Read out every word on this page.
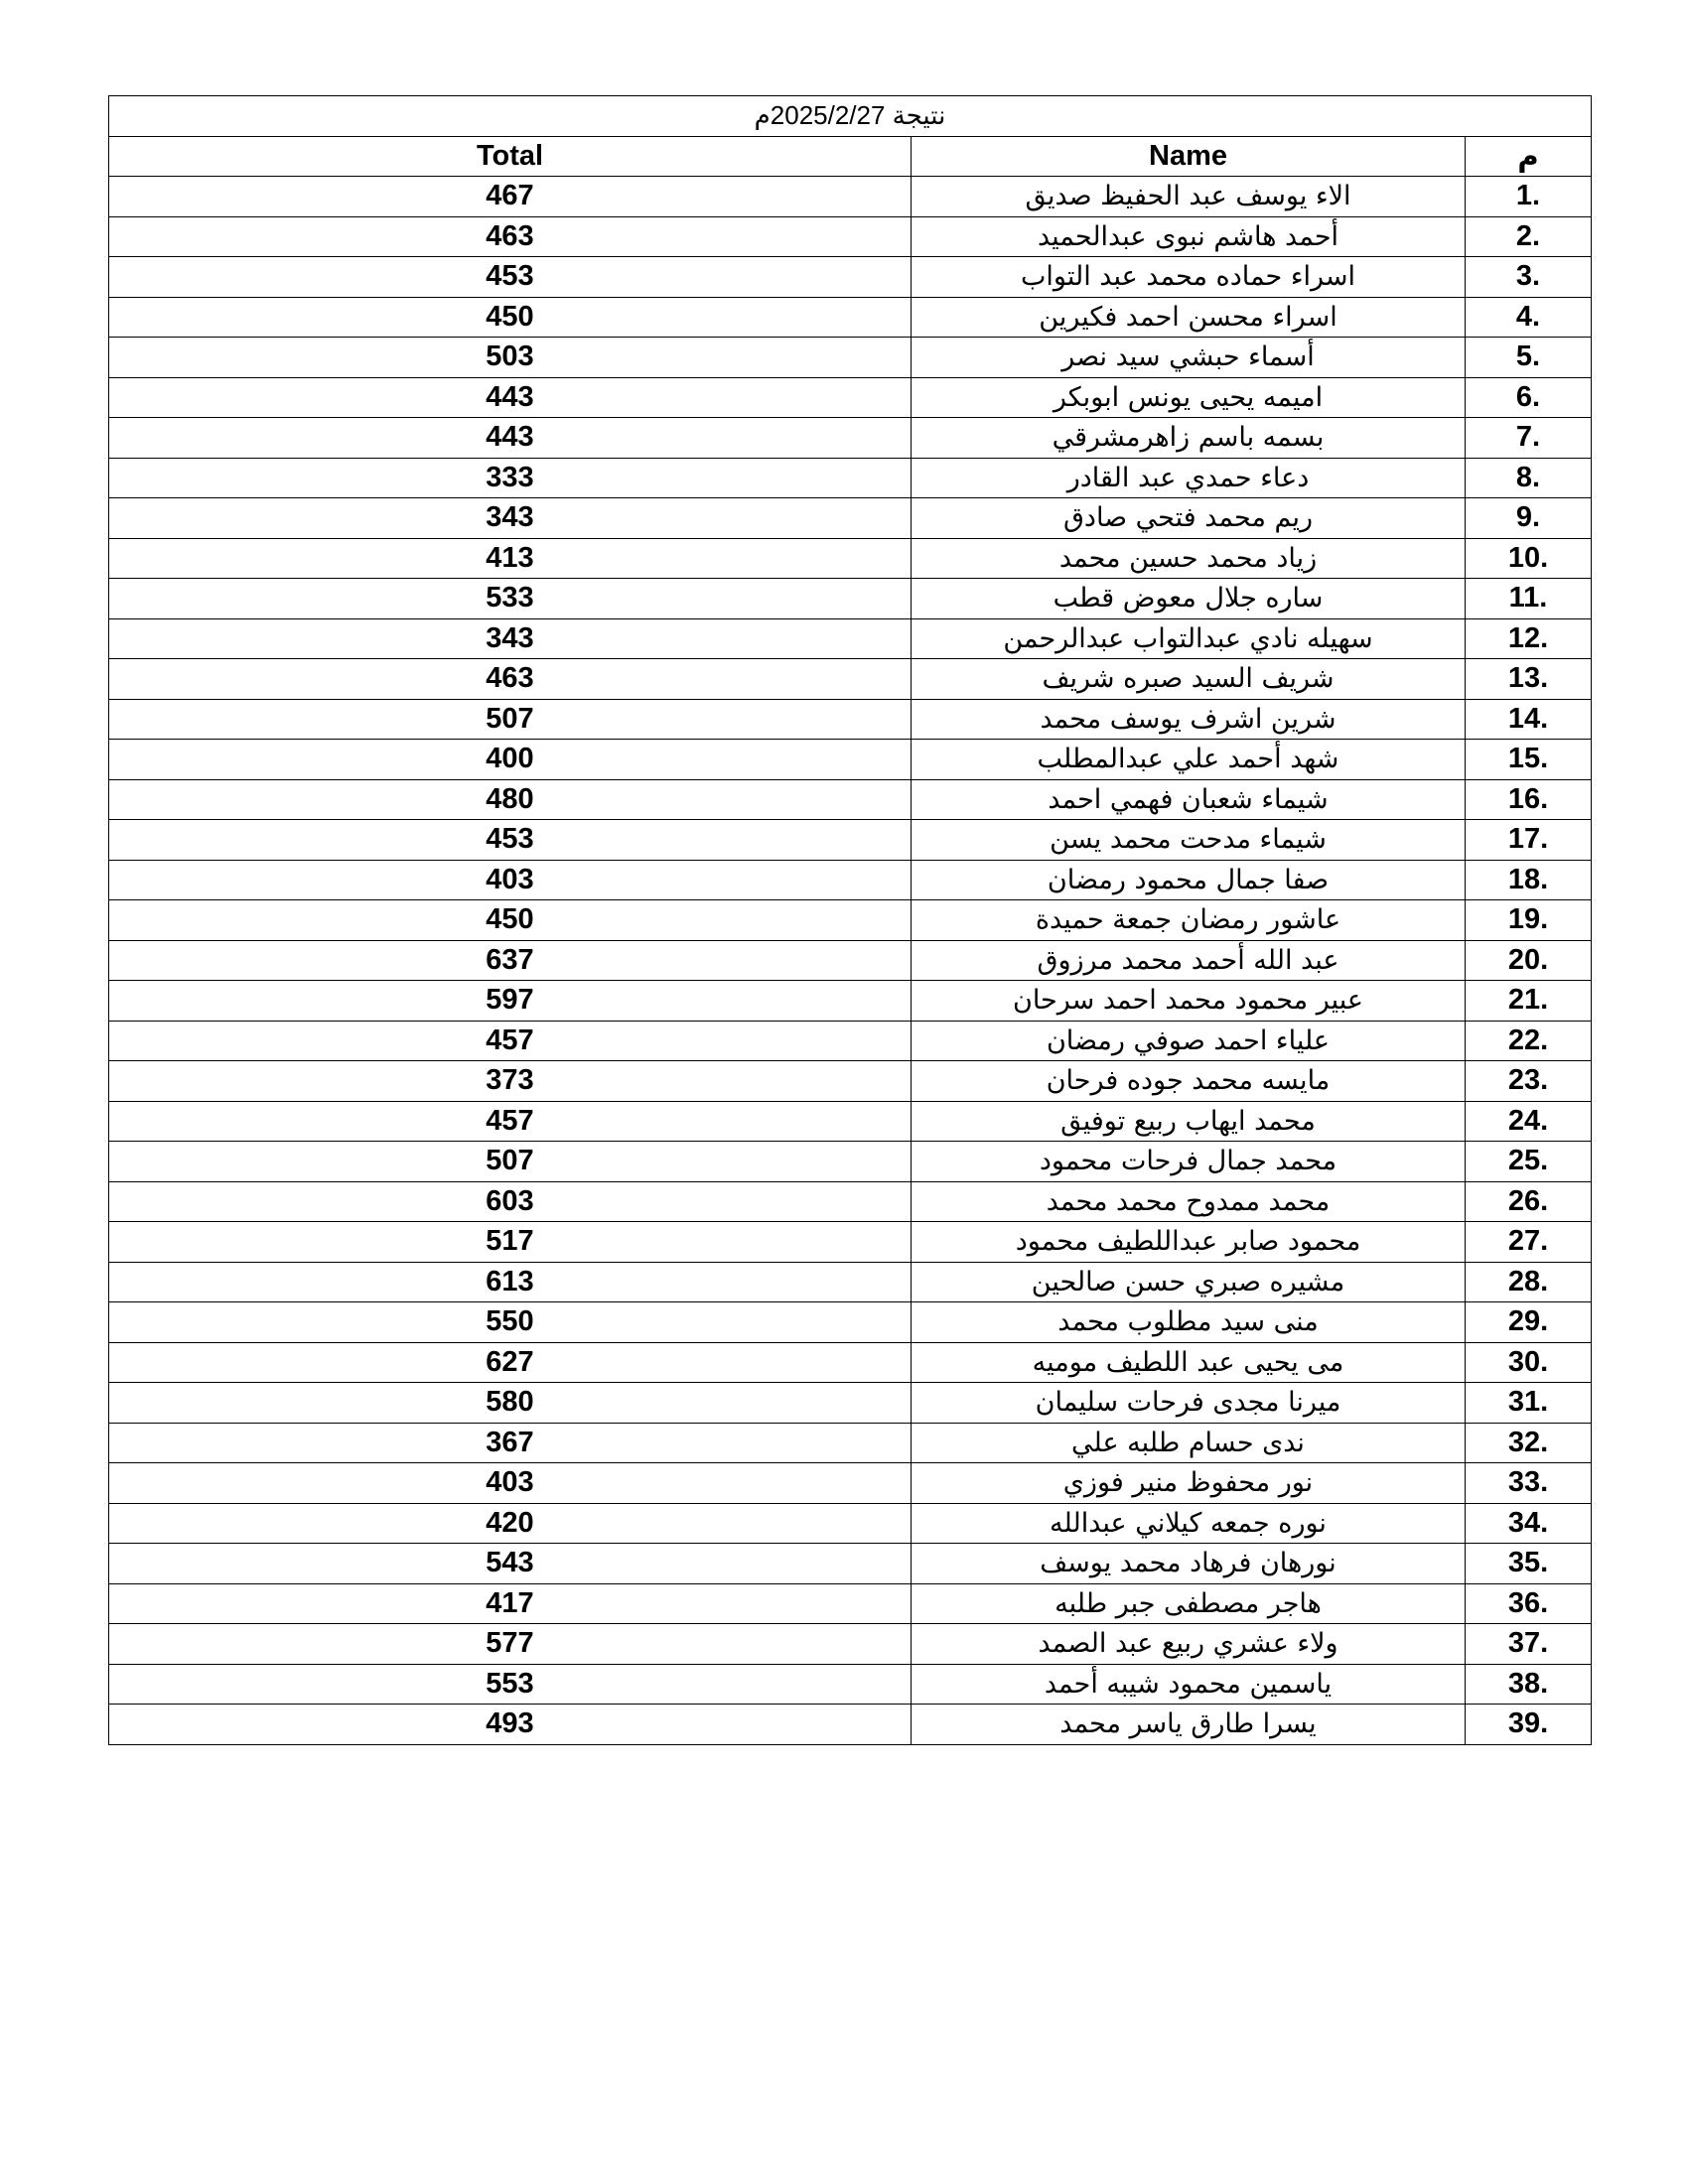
نتيجة 2025/2/27م		
Total	Name	م
467	الاء يوسف عبد الحفيظ صديق	1.
463	أحمد هاشم نبوى عبدالحميد	2.
453	اسراء حماده محمد عبد التواب	3.
450	اسراء محسن احمد فكيرين	4.
503	أسماء حبشي سيد نصر	5.
443	اميمه يحيى يونس ابوبكر	6.
443	بسمه باسم زاهرمشرقي	7.
333	دعاء حمدي عبد القادر	8.
343	ريم محمد فتحي صادق	9.
413	زياد محمد حسين محمد	10.
533	ساره جلال معوض قطب	11.
343	سهيله نادي عبدالتواب عبدالرحمن	12.
463	شريف السيد صبره شريف	13.
507	شرين اشرف يوسف محمد	14.
400	شهد أحمد علي عبدالمطلب	15.
480	شيماء شعبان فهمي احمد	16.
453	شيماء مدحت محمد يسن	17.
403	صفا جمال محمود رمضان	18.
450	عاشور رمضان جمعة حميدة	19.
637	عبد الله أحمد محمد مرزوق	20.
597	عبير محمود محمد احمد سرحان	21.
457	علياء احمد صوفي رمضان	22.
373	مايسه محمد جوده فرحان	23.
457	محمد ايهاب ربيع توفيق	24.
507	محمد جمال فرحات محمود	25.
603	محمد ممدوح محمد محمد	26.
517	محمود صابر عبداللطيف محمود	27.
613	مشيره صبري حسن صالحين	28.
550	منى سيد مطلوب محمد	29.
627	مى يحيى عبد اللطيف موميه	30.
580	ميرنا مجدى فرحات سليمان	31.
367	ندى حسام طلبه علي	32.
403	نور محفوظ منير فوزي	33.
420	نوره جمعه كيلاني عبدالله	34.
543	نورهان فرهاد محمد يوسف	35.
417	هاجر مصطفى جبر طلبه	36.
577	ولاء عشري ربيع عبد الصمد	37.
553	ياسمين محمود شيبه أحمد	38.
493	يسرا طارق ياسر محمد	39.
